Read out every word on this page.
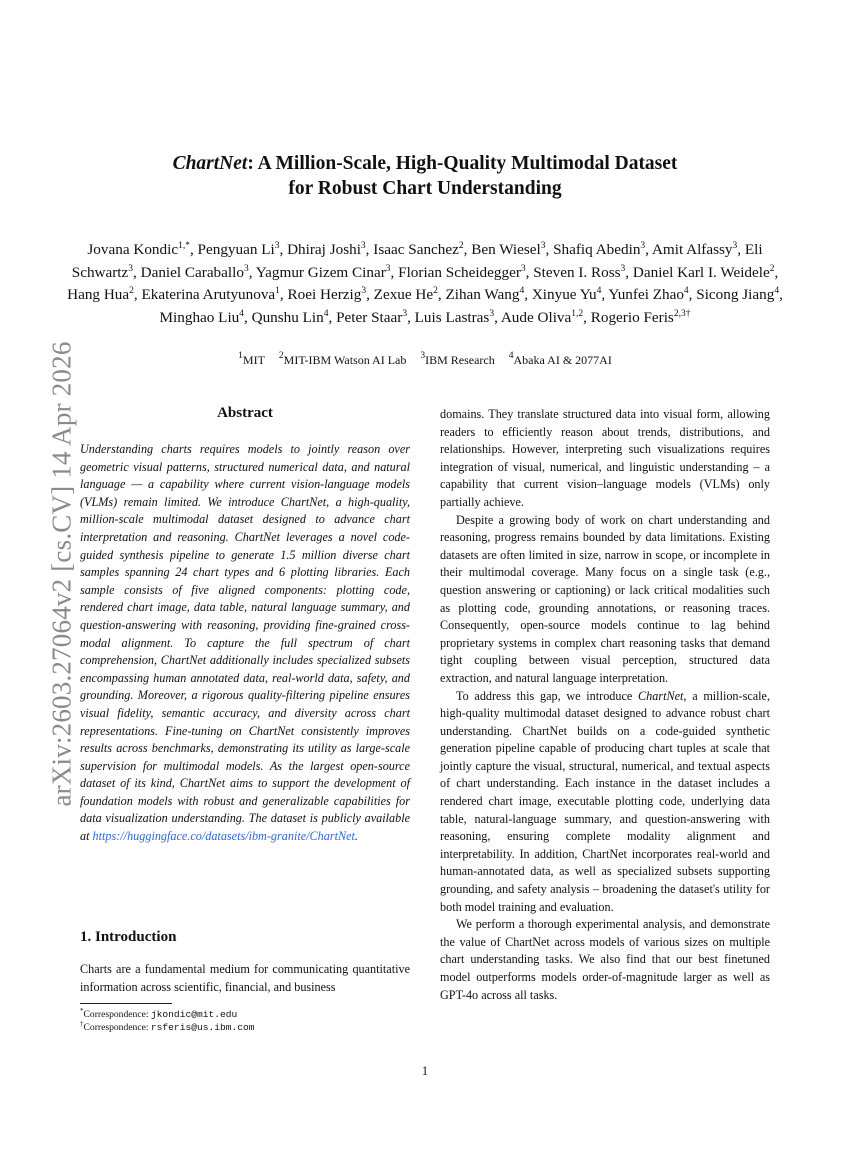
arXiv:2603.27064v2 [cs.CV] 14 Apr 2026
ChartNet: A Million-Scale, High-Quality Multimodal Dataset
for Robust Chart Understanding
Jovana Kondic$^{1,*}$, Pengyuan Li$^3$, Dhiraj Joshi$^3$, Isaac Sanchez$^2$, Ben Wiesel$^3$, Shafiq Abedin$^3$, Amit Alfassy$^3$, Eli Schwartz$^3$, Daniel Caraballo$^3$, Yagmur Gizem Cinar$^3$, Florian Scheidegger$^3$, Steven I. Ross$^3$, Daniel Karl I. Weidele$^2$, Hang Hua$^2$, Ekaterina Arutyunova$^1$, Roei Herzig$^3$, Zexue He$^2$, Zihan Wang$^4$, Xinyue Yu$^4$, Yunfei Zhao$^4$, Sicong Jiang$^4$, Minghao Liu$^4$, Qunshu Lin$^4$, Peter Staar$^3$, Luis Lastras$^3$, Aude Oliva$^{1,2}$, Rogerio Feris$^{2,3\dagger}$
$^1$MIT $^2$MIT-IBM Watson AI Lab $^3$IBM Research $^4$Abaka AI & 2077AI
Abstract
Understanding charts requires models to jointly reason over geometric visual patterns, structured numerical data, and natural language — a capability where current vision-language models (VLMs) remain limited. We introduce ChartNet, a high-quality, million-scale multimodal dataset designed to advance chart interpretation and reasoning. ChartNet leverages a novel code-guided synthesis pipeline to generate 1.5 million diverse chart samples spanning 24 chart types and 6 plotting libraries. Each sample consists of five aligned components: plotting code, rendered chart image, data table, natural language summary, and question-answering with reasoning, providing fine-grained cross-modal alignment. To capture the full spectrum of chart comprehension, ChartNet additionally includes specialized subsets encompassing human annotated data, real-world data, safety, and grounding. Moreover, a rigorous quality-filtering pipeline ensures visual fidelity, semantic accuracy, and diversity across chart representations. Fine-tuning on ChartNet consistently improves results across benchmarks, demonstrating its utility as large-scale supervision for multimodal models. As the largest open-source dataset of its kind, ChartNet aims to support the development of foundation models with robust and generalizable capabilities for data visualization understanding. The dataset is publicly available at https://huggingface.co/datasets/ibm-granite/ChartNet.
1. Introduction
Charts are a fundamental medium for communicating quantitative information across scientific, financial, and business
*Correspondence: jkondic@mit.edu
†Correspondence: rsferis@us.ibm.com

domains. They translate structured data into visual form, allowing readers to efficiently reason about trends, distributions, and relationships. However, interpreting such visualizations requires integration of visual, numerical, and linguistic understanding – a capability that current vision–language models (VLMs) only partially achieve.

Despite a growing body of work on chart understanding and reasoning, progress remains bounded by data limitations. Existing datasets are often limited in size, narrow in scope, or incomplete in their multimodal coverage. Many focus on a single task (e.g., question answering or captioning) or lack critical modalities such as plotting code, grounding annotations, or reasoning traces. Consequently, open-source models continue to lag behind proprietary systems in complex chart reasoning tasks that demand tight coupling between visual perception, structured data extraction, and natural language interpretation.

To address this gap, we introduce ChartNet, a million-scale, high-quality multimodal dataset designed to advance robust chart understanding. ChartNet builds on a code-guided synthetic generation pipeline capable of producing chart tuples at scale that jointly capture the visual, structural, numerical, and textual aspects of chart understanding. Each instance in the dataset includes a rendered chart image, executable plotting code, underlying data table, natural-language summary, and question-answering with reasoning, ensuring complete modality alignment and interpretability. In addition, ChartNet incorporates real-world and human-annotated data, as well as specialized subsets supporting grounding, and safety analysis – broadening the dataset's utility for both model training and evaluation.

We perform a thorough experimental analysis, and demonstrate the value of ChartNet across models of various sizes on multiple chart understanding tasks. We also find that our best finetuned model outperforms models order-of-magnitude larger as well as GPT-4o across all tasks.

1
